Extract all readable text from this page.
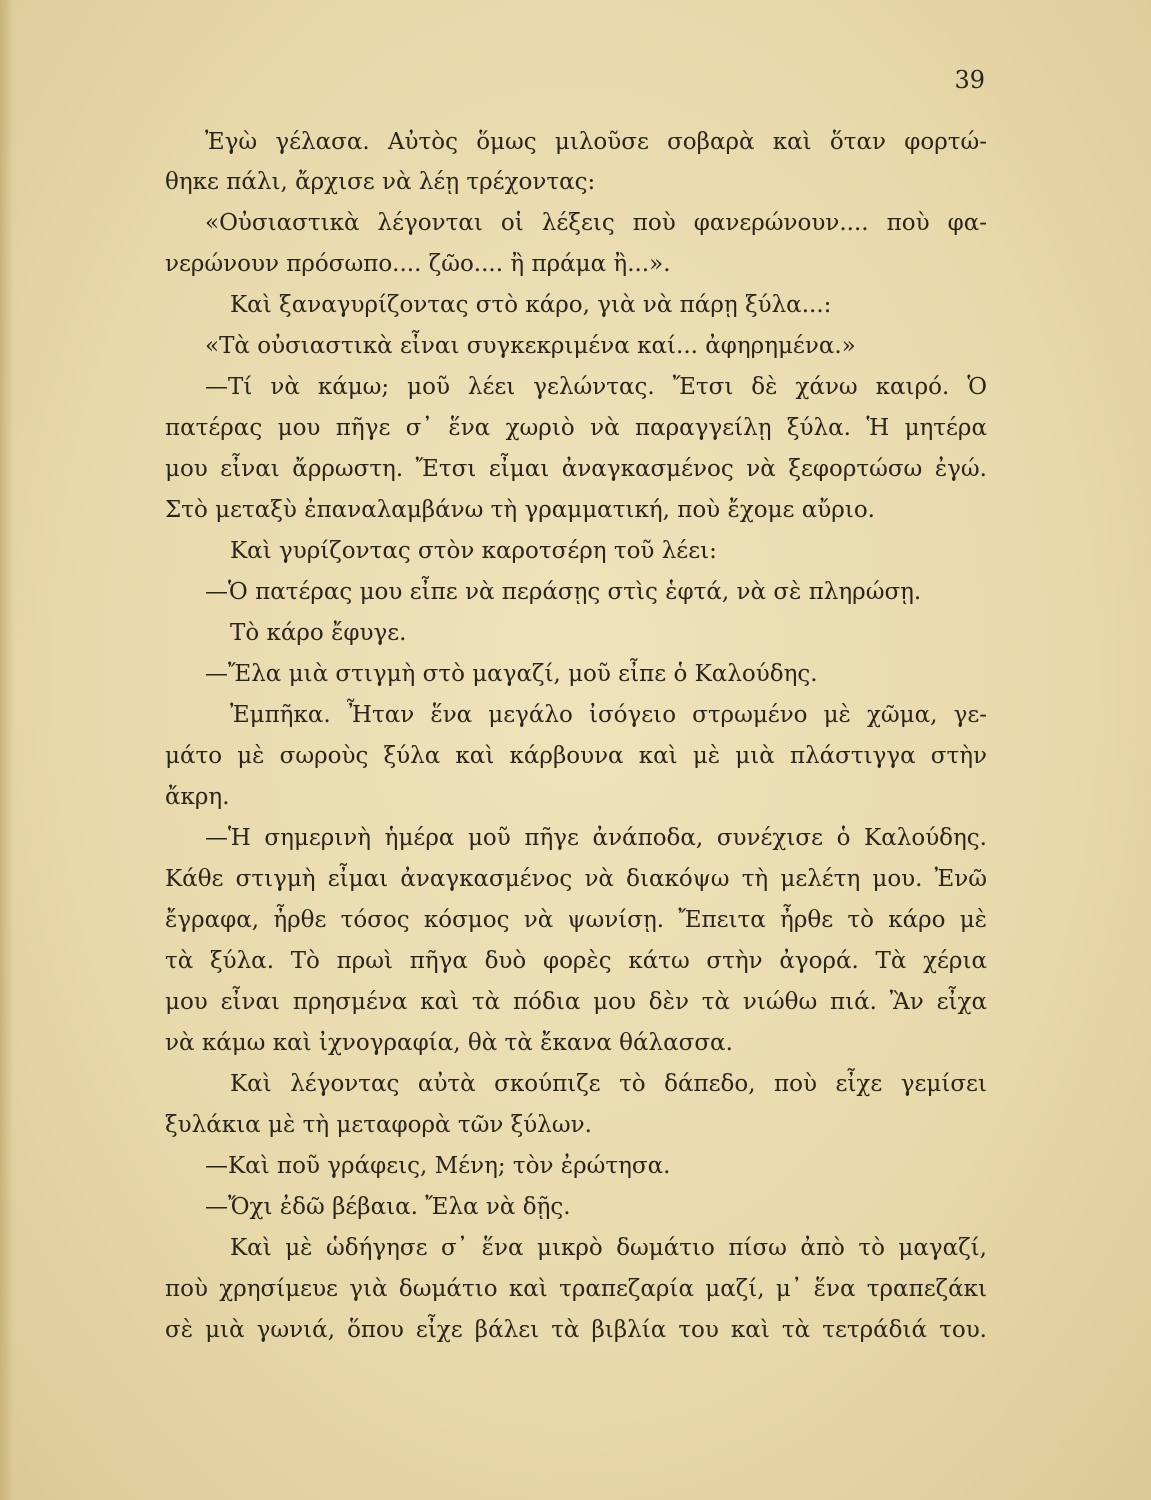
39
Ἐγὼ γέλασα. Αὐτὸς ὅμως μιλοῦσε σοβαρὰ καὶ ὅταν φορτώ-
θηκε πάλι, ἄρχισε νὰ λέῃ τρέχοντας:
«Οὐσιαστικὰ λέγονται οἱ λέξεις ποὺ φανερώνουν.... ποὺ φα-
νερώνουν πρόσωπο.... ζῶο.... ἢ πράμα ἢ...».
Καὶ ξαναγυρίζοντας στὸ κάρο, γιὰ νὰ πάρῃ ξύλα...:
«Τὰ οὐσιαστικὰ εἶναι συγκεκριμένα καί... ἀφηρημένα.»
—Τί νὰ κάμω; μοῦ λέει γελώντας. Ἔτσι δὲ χάνω καιρό. Ὁ
πατέρας μου πῆγε σ᾽ ἕνα χωριὸ νὰ παραγγείλῃ ξύλα. Ἡ μητέρα
μου εἶναι ἄρρωστη. Ἔτσι εἶμαι ἀναγκασμένος νὰ ξεφορτώσω ἐγώ.
Στὸ μεταξὺ ἐπαναλαμβάνω τὴ γραμματική, ποὺ ἔχομε αὔριο.
Καὶ γυρίζοντας στὸν καροτσέρη τοῦ λέει:
—Ὁ πατέρας μου εἶπε νὰ περάσῃς στὶς ἑφτά, νὰ σὲ πληρώσῃ.
Τὸ κάρο ἔφυγε.
—Ἔλα μιὰ στιγμὴ στὸ μαγαζί, μοῦ εἶπε ὁ Καλούδης.
Ἐμπῆκα. Ἦταν ἕνα μεγάλο ἰσόγειο στρωμένο μὲ χῶμα, γε-
μάτο μὲ σωροὺς ξύλα καὶ κάρβουνα καὶ μὲ μιὰ πλάστιγγα στὴν
ἄκρη.
—Ἡ σημερινὴ ἡμέρα μοῦ πῆγε ἀνάποδα, συνέχισε ὁ Καλούδης.
Κάθε στιγμὴ εἶμαι ἀναγκασμένος νὰ διακόψω τὴ μελέτη μου. Ἐνῶ
ἔγραφα, ἦρθε τόσος κόσμος νὰ ψωνίσῃ. Ἔπειτα ἦρθε τὸ κάρο μὲ
τὰ ξύλα. Τὸ πρωὶ πῆγα δυὸ φορὲς κάτω στὴν ἀγορά. Τὰ χέρια
μου εἶναι πρησμένα καὶ τὰ πόδια μου δὲν τὰ νιώθω πιά. Ἂν εἶχα
νὰ κάμω καὶ ἰχνογραφία, θὰ τὰ ἔκανα θάλασσα.
Καὶ λέγοντας αὐτὰ σκούπιζε τὸ δάπεδο, ποὺ εἶχε γεμίσει
ξυλάκια μὲ τὴ μεταφορὰ τῶν ξύλων.
—Καὶ ποῦ γράφεις, Μένη; τὸν ἐρώτησα.
—Ὄχι ἐδῶ βέβαια. Ἔλα νὰ δῇς.
Καὶ μὲ ὡδήγησε σ᾽ ἕνα μικρὸ δωμάτιο πίσω ἀπὸ τὸ μαγαζί,
ποὺ χρησίμευε γιὰ δωμάτιο καὶ τραπεζαρία μαζί, μ᾽ ἕνα τραπεζάκι
σὲ μιὰ γωνιά, ὅπου εἶχε βάλει τὰ βιβλία του καὶ τὰ τετράδιά του.
